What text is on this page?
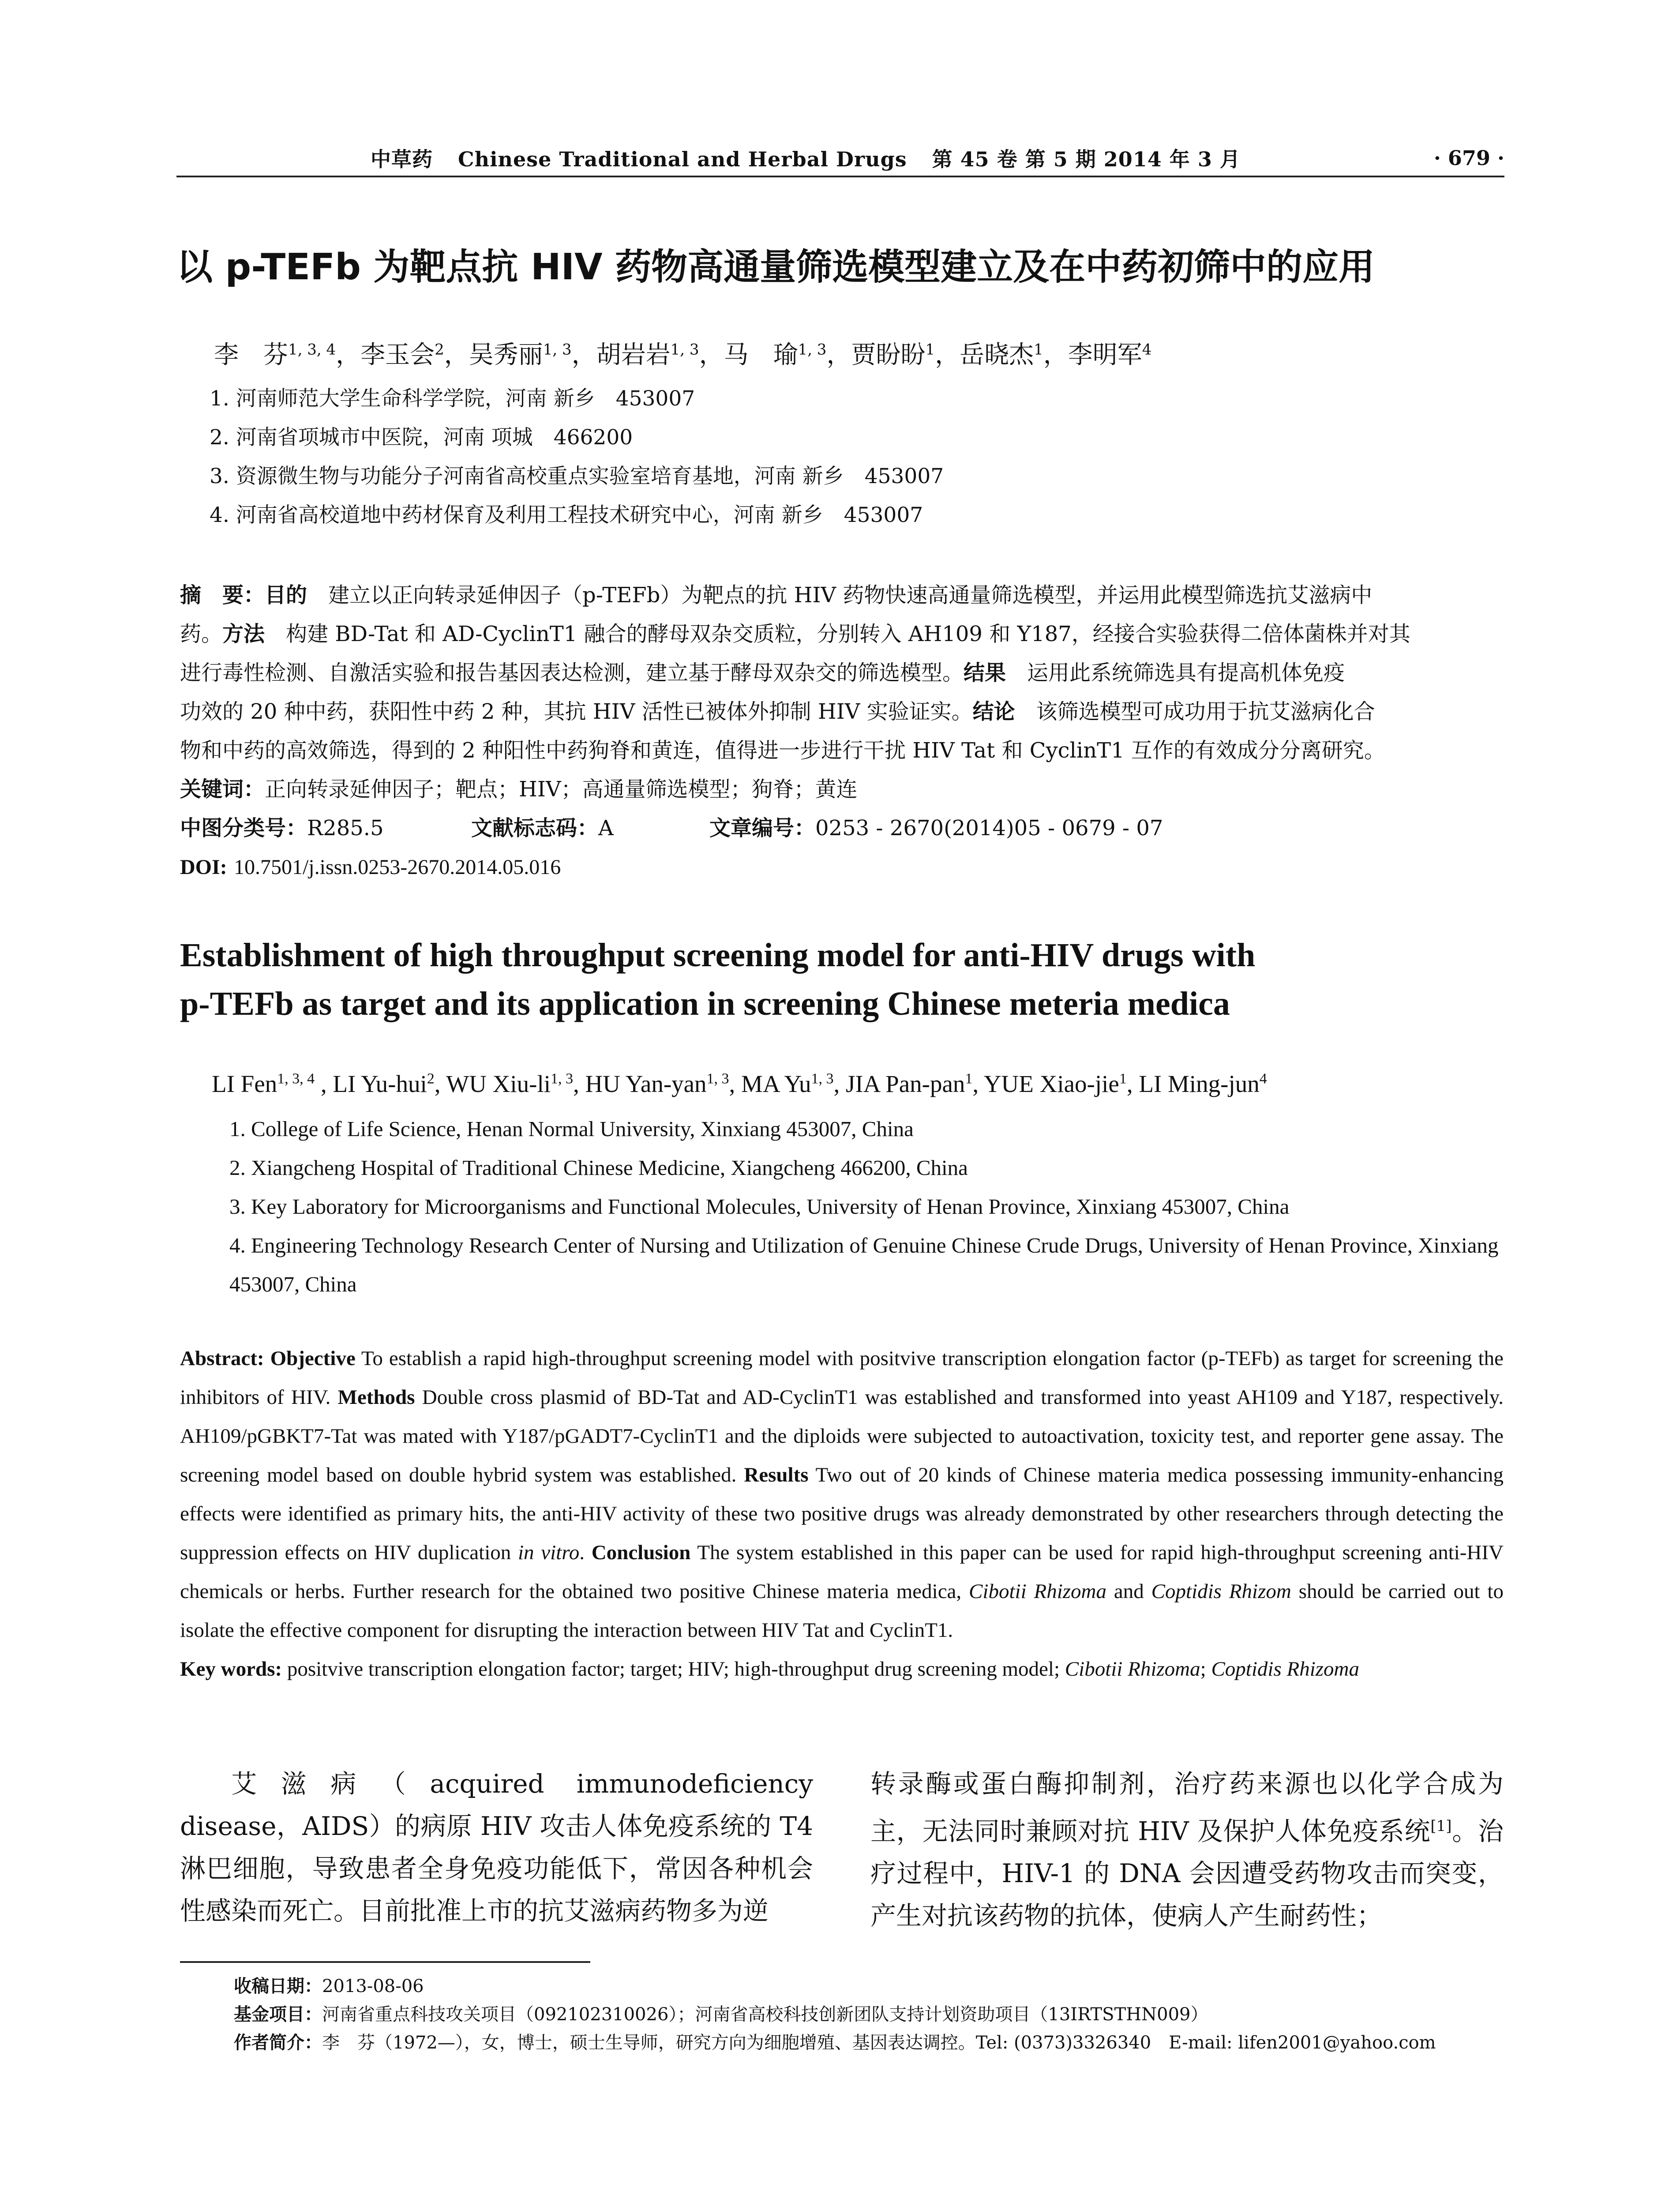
中草药 Chinese Traditional and Herbal Drugs 第 45 卷 第 5 期 2014 年 3 月	· 679 ·
以 p-TEFb 为靶点抗 HIV 药物高通量筛选模型建立及在中药初筛中的应用
李　芬$^{1, 3, 4}$，李玉会$^2$，吴秀丽$^{1, 3}$，胡岩岩$^{1, 3}$，马　瑜$^{1, 3}$，贾盼盼$^1$，岳晓杰$^1$，李明军$^4$
1. 河南师范大学生命科学学院，河南 新乡　453007
2. 河南省项城市中医院，河南 项城　466200
3. 资源微生物与功能分子河南省高校重点实验室培育基地，河南 新乡　453007
4. 河南省高校道地中药材保育及利用工程技术研究中心，河南 新乡　453007
摘　要：目的　建立以正向转录延伸因子（p-TEFb）为靶点的抗 HIV 药物快速高通量筛选模型，并运用此模型筛选抗艾滋病中
药。方法　构建 BD-Tat 和 AD-CyclinT1 融合的酵母双杂交质粒，分别转入 AH109 和 Y187，经接合实验获得二倍体菌株并对其
进行毒性检测、自激活实验和报告基因表达检测，建立基于酵母双杂交的筛选模型。结果　运用此系统筛选具有提高机体免疫
功效的 20 种中药，获阳性中药 2 种，其抗 HIV 活性已被体外抑制 HIV 实验证实。结论　该筛选模型可成功用于抗艾滋病化合
物和中药的高效筛选，得到的 2 种阳性中药狗脊和黄连，值得进一步进行干扰 HIV Tat 和 CyclinT1 互作的有效成分分离研究。
关键词：正向转录延伸因子；靶点；HIV；高通量筛选模型；狗脊；黄连
中图分类号：R285.5	文献标志码：A	文章编号：0253 - 2670(2014)05 - 0679 - 07
DOI: 10.7501/j.issn.0253-2670.2014.05.016
Establishment of high throughput screening model for anti-HIV drugs with
p-TEFb as target and its application in screening Chinese meteria medica
LI Fen$^{1, 3, 4}$ , LI Yu-hui$^2$, WU Xiu-li$^{1, 3}$, HU Yan-yan$^{1, 3}$, MA Yu$^{1, 3}$, JIA Pan-pan$^1$, YUE Xiao-jie$^1$, LI Ming-jun$^4$
1. College of Life Science, Henan Normal University, Xinxiang 453007, China
2. Xiangcheng Hospital of Traditional Chinese Medicine, Xiangcheng 466200, China
3. Key Laboratory for Microorganisms and Functional Molecules, University of Henan Province, Xinxiang 453007, China
4. Engineering Technology Research Center of Nursing and Utilization of Genuine Chinese Crude Drugs, University of Henan Province, Xinxiang 453007, China

Abstract: Objective To establish a rapid high-throughput screening model with positvive transcription elongation factor (p-TEFb) as target for screening the inhibitors of HIV. Methods Double cross plasmid of BD-Tat and AD-CyclinT1 was established and transformed into yeast AH109 and Y187, respectively. AH109/pGBKT7-Tat was mated with Y187/pGADT7-CyclinT1 and the diploids were subjected to autoactivation, toxicity test, and reporter gene assay. The screening model based on double hybrid system was established. Results Two out of 20 kinds of Chinese materia medica possessing immunity-enhancing effects were identified as primary hits, the anti-HIV activity of these two positive drugs was already demonstrated by other researchers through detecting the suppression effects on HIV duplication in vitro. Conclusion The system established in this paper can be used for rapid high-throughput screening anti-HIV chemicals or herbs. Further research for the obtained two positive Chinese materia medica, Cibotii Rhizoma and Coptidis Rhizom should be carried out to isolate the effective component for disrupting the interaction between HIV Tat and CyclinT1.

Key words: positvive transcription elongation factor; target; HIV; high-throughput drug screening model; Cibotii Rhizoma; Coptidis Rhizoma

艾滋病（acquired immunodeficiency disease，AIDS）的病原 HIV 攻击人体免疫系统的 T4 淋巴细胞，导致患者全身免疫功能低下，常因各种机会性感染而死亡。目前批准上市的抗艾滋病药物多为逆

转录酶或蛋白酶抑制剂，治疗药来源也以化学合成为主，无法同时兼顾对抗 HIV 及保护人体免疫系统[1]。治疗过程中，HIV-1 的 DNA 会因遭受药物攻击而突变，产生对抗该药物的抗体，使病人产生耐药性；

收稿日期：2013-08-06
基金项目：河南省重点科技攻关项目（092102310026）；河南省高校科技创新团队支持计划资助项目（13IRTSTHN009）
作者简介：李　芬（1972—），女，博士，硕士生导师，研究方向为细胞增殖、基因表达调控。Tel: (0373)3326340　E-mail: lifen2001@yahoo.com
